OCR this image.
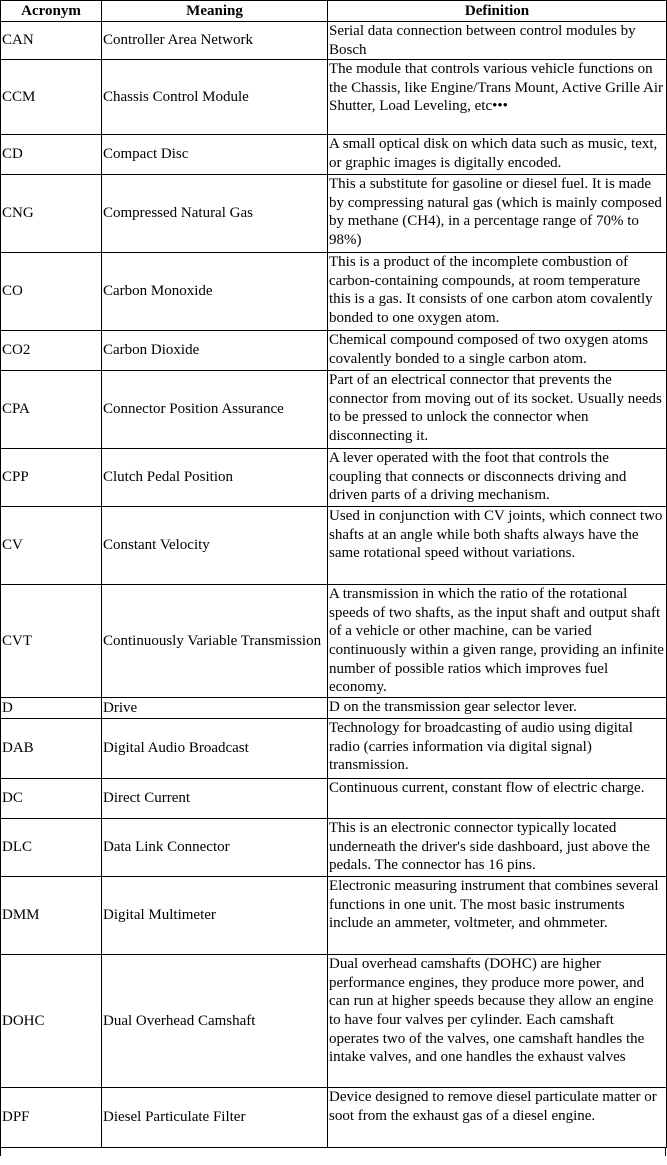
Acronym	Meaning	Definition
CAN	Controller Area Network	Serial data connection between control modules by Bosch
CCM	Chassis Control Module	The module that controls various vehicle functions on the Chassis, like Engine/Trans Mount, Active Grille Air Shutter, Load Leveling, etc•••
CD	Compact Disc	A small optical disk on which data such as music, text, or graphic images is digitally encoded.
CNG	Compressed Natural Gas	This a substitute for gasoline or diesel fuel. It is made by compressing natural gas (which is mainly composed by methane (CH4), in a percentage range of 70% to 98%)
CO	Carbon Monoxide	This is a product of the incomplete combustion of carbon-containing compounds, at room temperature this is a gas. It consists of one carbon atom covalently bonded to one oxygen atom.
CO2	Carbon Dioxide	Chemical compound composed of two oxygen atoms covalently bonded to a single carbon atom.
CPA	Connector Position Assurance	Part of an electrical connector that prevents the connector from moving out of its socket. Usually needs to be pressed to unlock the connector when disconnecting it.
CPP	Clutch Pedal Position	A lever operated with the foot that controls the coupling that connects or disconnects driving and driven parts of a driving mechanism.
CV	Constant Velocity	Used in conjunction with CV joints, which connect two shafts at an angle while both shafts always have the same rotational speed without variations.
CVT	Continuously Variable Transmission	A transmission in which the ratio of the rotational speeds of two shafts, as the input shaft and output shaft of a vehicle or other machine, can be varied continuously within a given range, providing an infinite number of possible ratios which improves fuel economy.
D	Drive	D on the transmission gear selector lever.
DAB	Digital Audio Broadcast	Technology for broadcasting of audio using digital radio (carries information via digital signal) transmission.
DC	Direct Current	Continuous current, constant flow of electric charge.
DLC	Data Link Connector	This is an electronic connector typically located underneath the driver's side dashboard, just above the pedals. The connector has 16 pins.
DMM	Digital Multimeter	Electronic measuring instrument that combines several functions in one unit. The most basic instruments include an ammeter, voltmeter, and ohmmeter.
DOHC	Dual Overhead Camshaft	Dual overhead camshafts (DOHC) are higher performance engines, they produce more power, and can run at higher speeds because they allow an engine to have four valves per cylinder. Each camshaft operates two of the valves, one camshaft handles the intake valves, and one handles the exhaust valves
DPF	Diesel Particulate Filter	Device designed to remove diesel particulate matter or soot from the exhaust gas of a diesel engine.
